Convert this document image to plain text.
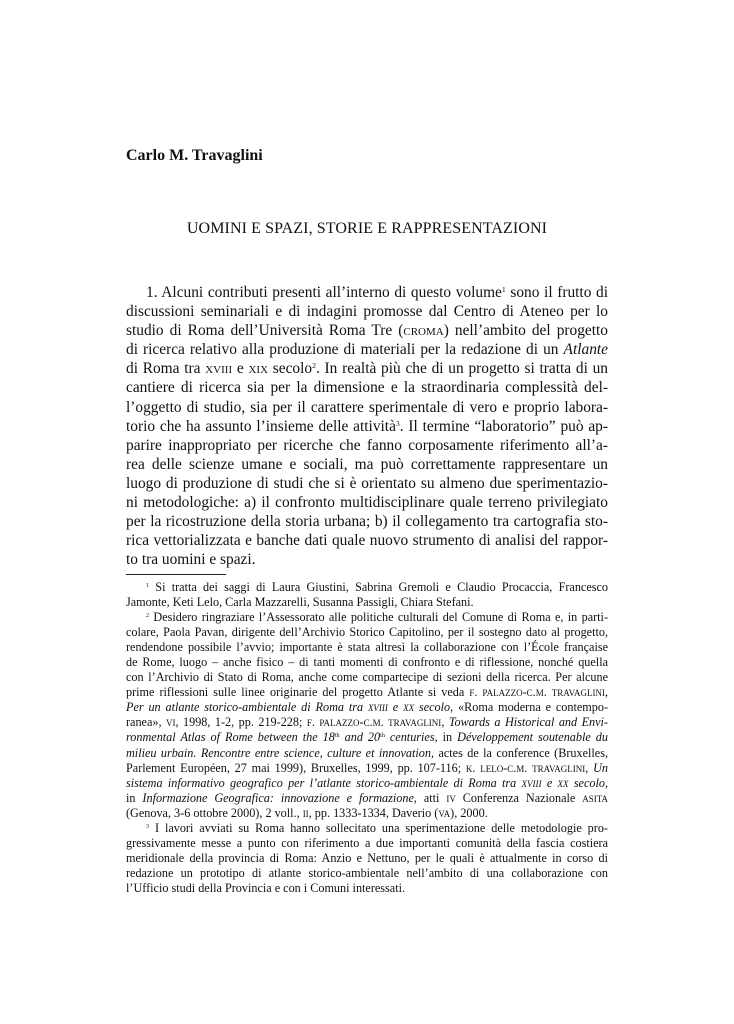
Carlo M. Travaglini
UOMINI E SPAZI, STORIE E RAPPRESENTAZIONI
1. Alcuni contributi presenti all’interno di questo volume$^1$ sono il frutto di
discussioni seminariali e di indagini promosse dal Centro di Ateneo per lo
studio di Roma dell’Università Roma Tre (croma) nell’ambito del progetto
di ricerca relativo alla produzione di materiali per la redazione di un Atlante
di Roma tra xviii e xix secolo$^2$. In realtà più che di un progetto si tratta di un
cantiere di ricerca sia per la dimensione e la straordinaria complessità del-
l’oggetto di studio, sia per il carattere sperimentale di vero e proprio labora-
torio che ha assunto l’insieme delle attività$^3$. Il termine “laboratorio” può ap-
parire inappropriato per ricerche che fanno corposamente riferimento all’a-
rea delle scienze umane e sociali, ma può correttamente rappresentare un
luogo di produzione di studi che si è orientato su almeno due sperimentazio-
ni metodologiche: a) il confronto multidisciplinare quale terreno privilegiato
per la ricostruzione della storia urbana; b) il collegamento tra cartografia sto-
rica vettorializzata e banche dati quale nuovo strumento di analisi del rappor-
to tra uomini e spazi.
$^1$ Si tratta dei saggi di Laura Giustini, Sabrina Gremoli e Claudio Procaccia, Francesco
Jamonte, Keti Lelo, Carla Mazzarelli, Susanna Passigli, Chiara Stefani.
$^2$ Desidero ringraziare l’Assessorato alle politiche culturali del Comune di Roma e, in parti-
colare, Paola Pavan, dirigente dell’Archivio Storico Capitolino, per il sostegno dato al progetto,
rendendone possibile l’avvio; importante è stata altresì la collaborazione con l’École française
de Rome, luogo – anche fisico – di tanti momenti di confronto e di riflessione, nonché quella
con l’Archivio di Stato di Roma, anche come compartecipe di sezioni della ricerca. Per alcune
prime riflessioni sulle linee originarie del progetto Atlante si veda f. palazzo-c.m. travaglini,
Per un atlante storico-ambientale di Roma tra xviii e xx secolo, «Roma moderna e contempo-
ranea», vi, 1998, 1-2, pp. 219-228; f. palazzo-c.m. travaglini, Towards a Historical and Envi-
ronmental Atlas of Rome between the 18th and 20th centuries, in Développement soutenable du
milieu urbain. Rencontre entre science, culture et innovation, actes de la conference (Bruxelles,
Parlement Européen, 27 mai 1999), Bruxelles, 1999, pp. 107-116; k. lelo-c.m. travaglini, Un
sistema informativo geografico per l’atlante storico-ambientale di Roma tra xviii e xx secolo,
in Informazione Geografica: innovazione e formazione, atti iv Conferenza Nazionale asita
(Genova, 3-6 ottobre 2000), 2 voll., ii, pp. 1333-1334, Daverio (va), 2000.
$^3$ I lavori avviati su Roma hanno sollecitato una sperimentazione delle metodologie pro-
gressivamente messe a punto con riferimento a due importanti comunità della fascia costiera
meridionale della provincia di Roma: Anzio e Nettuno, per le quali è attualmente in corso di
redazione un prototipo di atlante storico-ambientale nell’ambito di una collaborazione con
l’Ufficio studi della Provincia e con i Comuni interessati.
